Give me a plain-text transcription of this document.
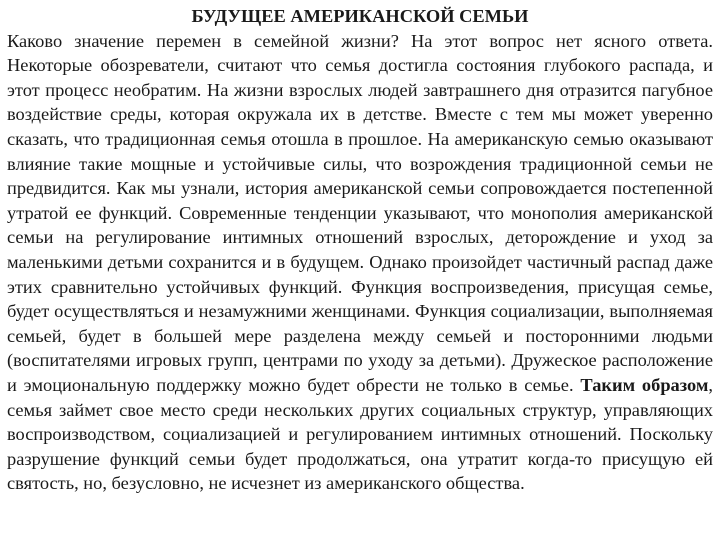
БУДУЩЕЕ АМЕРИКАНСКОЙ СЕМЬИ

Каково значение перемен в семейной жизни? На этот вопрос нет ясного ответа. Некоторые обозреватели, считают что семья достигла состояния глубокого распада, и этот процесс необратим. На жизни взрослых людей завтрашнего дня отразится пагубное воздействие среды, которая окружала их в детстве. Вместе с тем мы может уверенно сказать, что традиционная семья отошла в прошлое. На американскую семью оказывают влияние такие мощные и устойчивые силы, что возрождения традиционной семьи не предвидится. Как мы узнали, история американской семьи сопровождается постепенной утратой ее функций. Современные тенденции указывают, что монополия американской семьи на регулирование интимных отношений взрослых, деторождение и уход за маленькими детьми сохранится и в будущем. Однако произойдет частичный распад даже этих сравнительно устойчивых функций. Функция воспроизведения, присущая семье, будет осуществляться и незамужними женщинами. Функция социализации, выполняемая семьей, будет в большей мере разделена между семьей и посторонними людьми (воспитателями игровых групп, центрами по уходу за детьми). Дружеское расположение и эмоциональную поддержку можно будет обрести не только в семье. Таким образом, семья займет свое место среди нескольких других социальных структур, управляющих воспроизводством, социализацией и регулированием интимных отношений. Поскольку разрушение функций семьи будет продолжаться, она утратит когда-то присущую ей святость, но, безусловно, не исчезнет из американского общества.
